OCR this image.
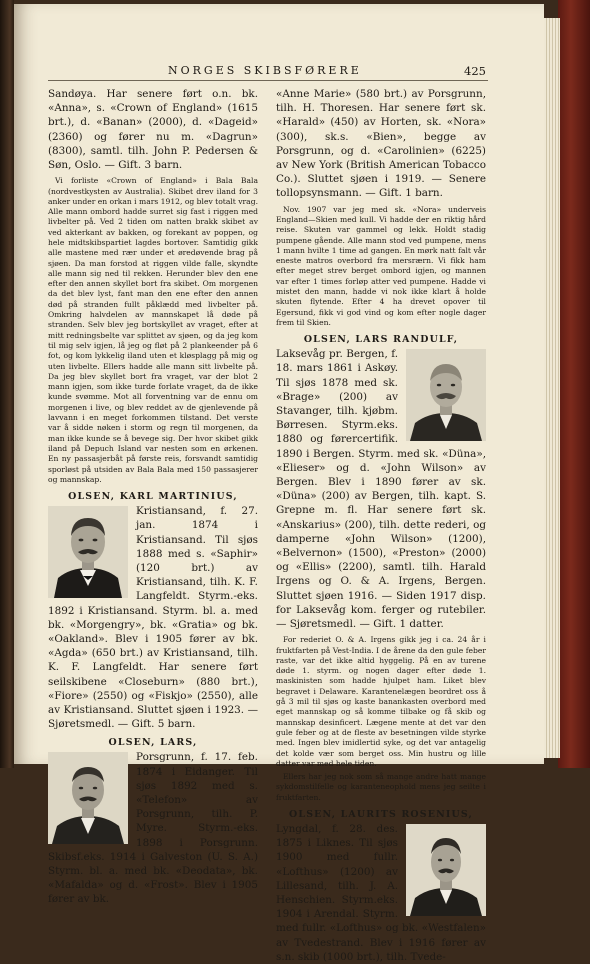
NORGES SKIBSFØRERE	425

Sandøya. Har senere ført o.n. bk. «Anna», s. «Crown of England» (1615 brt.), d. «Banan» (2000), d. «Dageid» (2360) og fører nu m. «Dagrun» (8300), samtl. tilh. John P. Pedersen & Søn, Oslo. — Gift. 3 barn.

Vi forliste «Crown of England» i Bala Bala (nordvestkysten av Australia). Skibet drev iland for 3 anker under en orkan i mars 1912, og blev totalt vrag. Alle mann ombord hadde surret sig fast i riggen med livbelter på. Ved 2 tiden om natten brakk skibet av ved akterkant av bakken, og forekant av poppen, og hele midtskibspartiet lagdes bortover. Samtidig gikk alle mastene med rær under et øredøvende brag på sjøen. Da man forstod at riggen vilde falle, skyndte alle mann sig ned til rekken. Herunder blev den ene efter den annen skyllet bort fra skibet. Om morgenen da det blev lyst, fant man den ene efter den annen død på stranden fullt påklædd med livbelter på. Omkring halvdelen av mannskapet lå døde på stranden. Selv blev jeg bortskyllet av vraget, efter at mitt redningsbelte var splittet av sjøen, og da jeg kom til mig selv igjen, lå jeg og fløt på 2 plankeender på 6 fot, og kom lykkelig iland uten et kløsplagg på mig og uten livbelte. Ellers hadde alle mann sitt livbelte på. Da jeg blev skyllet bort fra vraget, var der blot 2 mann igjen, som ikke turde forlate vraget, da de ikke kunde svømme. Mot all forventning var de ennu om morgenen i live, og blev reddet av de gjenlevende på lavvann i en meget forkommen tilstand. Det verste var å sidde nøken i storm og regn til morgenen, da man ikke kunde se å bevege sig. Der hvor skibet gikk iland på Depuch Island var nesten som en ørkenen. En ny passasjerbåt på første reis, forsvandt samtidig sporløst på utsiden av Bala Bala med 150 passasjerer og mannskap.

OLSEN, KARL MARTINIUS,

Kristiansand, f. 27. jan. 1874 i Kristiansand. Til sjøs 1888 med s. «Saphir» (120 brt.) av Kristiansand, tilh. K. F. Langfeldt. Styrm.-eks. 1892 i Kristiansand. Styrm. bl. a. med bk. «Morgengry», bk. «Gratia» og bk. «Oakland». Blev i 1905 fører av bk. «Agda» (650 brt.) av Kristiansand, tilh. K. F. Langfeldt. Har senere ført seilskibene «Closeburn» (880 brt.), «Fiore» (2550) og «Fiskjo» (2550), alle av Kristiansand. Sluttet sjøen i 1923. — Sjøretsmedl. — Gift. 5 barn.

OLSEN, LARS,

Porsgrunn, f. 17. feb. 1874 i Eidanger. Til sjøs 1892 med s. «Telefon» av Porsgrunn, tilh. P. Myre. Styrm.-eks. 1898 i Porsgrunn. Skibsf.eks. 1914 i Galveston (U. S. A.) Styrm. bl. a. med bk. «Deodata», bk. «Mafalda» og d. «Frost». Blev i 1905 fører av bk.

«Anne Marie» (580 brt.) av Porsgrunn, tilh. H. Thoresen. Har senere ført sk. «Harald» (450) av Horten, sk. «Nora» (300), sk.s. «Bien», begge av Porsgrunn, og d. «Carolinien» (6225) av New York (British American Tobacco Co.). Sluttet sjøen i 1919. — Senere tollopsynsmann. — Gift. 1 barn.

Nov. 1907 var jeg med sk. «Nora» underveis England—Skien med kull. Vi hadde der en riktig hård reise. Skuten var gammel og lekk. Holdt stadig pumpene gående. Alle mann stod ved pumpene, mens 1 mann hvilte 1 time ad gangen. En mørk natt falt vår eneste matros overbord fra mersrærn. Vi fikk ham efter meget strev berget ombord igjen, og mannen var efter 1 times forløp atter ved pumpene. Hadde vi mistet den mann, hadde vi nok ikke klart å holde skuten flytende. Efter 4 ha drevet opover til Egersund, fikk vi god vind og kom efter nogle dager frem til Skien.

OLSEN, LARS RANDULF,

Laksevåg pr. Bergen, f. 18. mars 1861 i Askøy. Til sjøs 1878 med sk. «Brage» (200) av Stavanger, tilh. kjøbm. Børresen. Styrm.eks. 1880 og førercertifik. 1890 i Bergen. Styrm. med sk. «Düna», «Elieser» og d. «John Wilson» av Bergen. Blev i 1890 fører av sk. «Düna» (200) av Bergen, tilh. kapt. S. Grepne m. fl. Har senere ført sk. «Anskarius» (200), tilh. dette rederi, og damperne «John Wilson» (1200), «Belvernon» (1500), «Preston» (2000) og «Ellis» (2200), samtl. tilh. Harald Irgens og O. & A. Irgens, Bergen. Sluttet sjøen 1916. — Siden 1917 disp. for Laksevåg kom. ferger og rutebiler. — Sjøretsmedl. — Gift. 1 datter.

For rederiet O. & A. Irgens gikk jeg i ca. 24 år i fruktfarten på Vest-India. I de årene da den gule feber raste, var det ikke altid hyggelig. På en av turene døde 1. styrm. og nogen dager efter døde 1. maskinisten som hadde hjulpet ham. Liket blev begravet i Delaware. Karantenelægen beordret oss å gå 3 mil til sjøs og kaste banankasten overbord med eget mannskap og så komme tilbake og få skib og mannskap desinficert. Lægene mente at det var den gule feber og at de fleste av besetningen vilde styrke med. Ingen blev imidlertid syke, og det var antagelig det kolde vær som berget oss. Min hustru og lille datter var med hele tiden.

Ellers har jeg nok som så mange andre hatt mange sykdomstilfelle og karanteneophold mens jeg seilte i fruktfarten.

OLSEN, LAURITS ROSENIUS,

Lyngdal, f. 28. des. 1875 i Liknes. Til sjøs 1900 med fullr. «Lofthus» (1200) av Lillesand, tilh. J. A. Henschien. Styrm.eks. 1904 i Arendal. Styrm. med fullr. «Lofthus» og bk. «Westfalen» av Tvedestrand. Blev i 1916 fører av s.n. skib (1000 brt.), tilh. Tvede-
